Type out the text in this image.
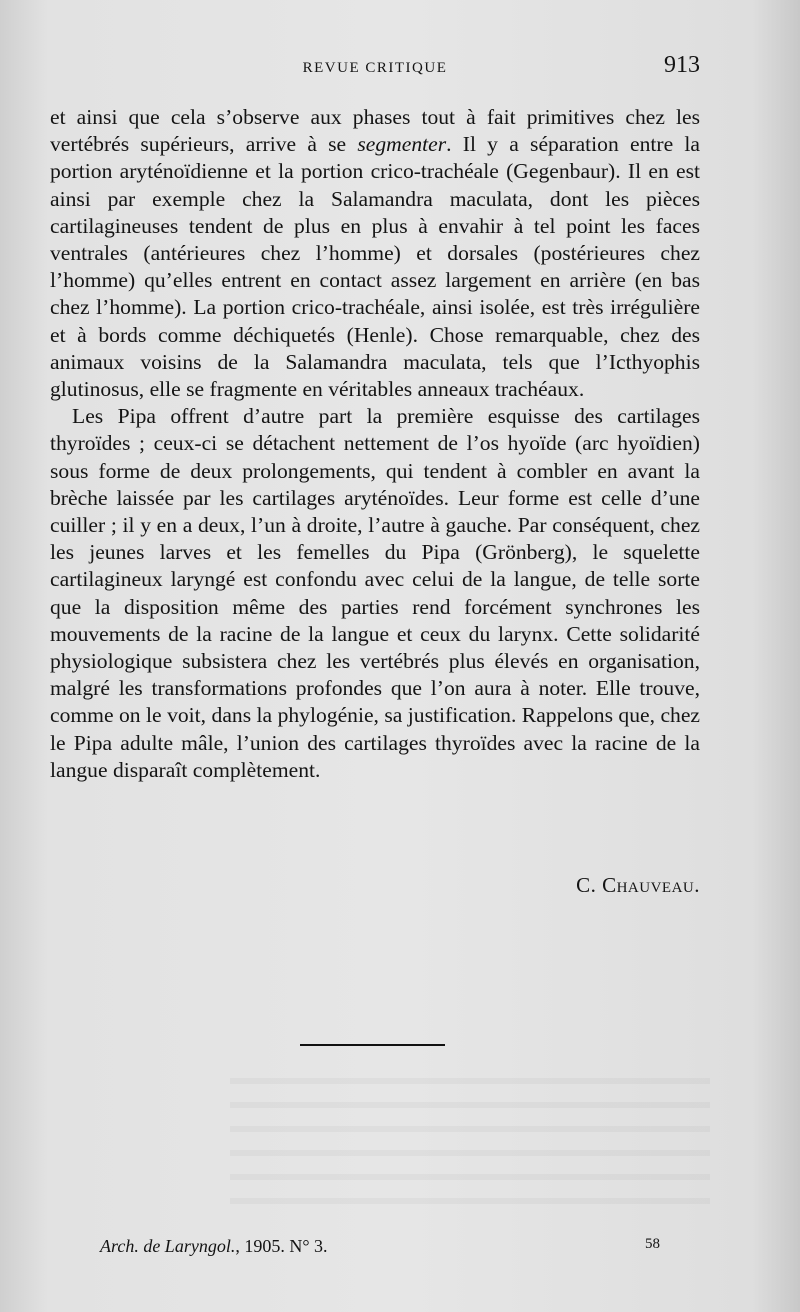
REVUE CRITIQUE	913

et ainsi que cela s’observe aux phases tout à fait primitives chez les vertébrés supérieurs, arrive à se segmenter. Il y a séparation entre la portion aryténoïdienne et la portion crico-trachéale (Gegenbaur). Il en est ainsi par exemple chez la Salamandra maculata, dont les pièces cartilagineuses tendent de plus en plus à envahir à tel point les faces ventrales (antérieures chez l’homme) et dorsales (postérieures chez l’homme) qu’elles entrent en contact assez largement en arrière (en bas chez l’homme). La portion crico-trachéale, ainsi isolée, est très irrégulière et à bords comme déchiquetés (Henle). Chose remarquable, chez des animaux voisins de la Salamandra maculata, tels que l’Icthyophis glutinosus, elle se fragmente en véritables anneaux trachéaux.

Les Pipa offrent d’autre part la première esquisse des cartilages thyroïdes ; ceux-ci se détachent nettement de l’os hyoïde (arc hyoïdien) sous forme de deux prolongements, qui tendent à combler en avant la brèche laissée par les cartilages aryténoïdes. Leur forme est celle d’une cuiller ; il y en a deux, l’un à droite, l’autre à gauche. Par conséquent, chez les jeunes larves et les femelles du Pipa (Grönberg), le squelette cartilagineux laryngé est confondu avec celui de la langue, de telle sorte que la disposition même des parties rend forcément synchrones les mouvements de la racine de la langue et ceux du larynx. Cette solidarité physiologique subsistera chez les vertébrés plus élevés en organisation, malgré les transformations profondes que l’on aura à noter. Elle trouve, comme on le voit, dans la phylogénie, sa justification. Rappelons que, chez le Pipa adulte mâle, l’union des cartilages thyroïdes avec la racine de la langue disparaît complètement.

C. Chauveau.
Arch. de Laryngol., 1905. N° 3.	58
